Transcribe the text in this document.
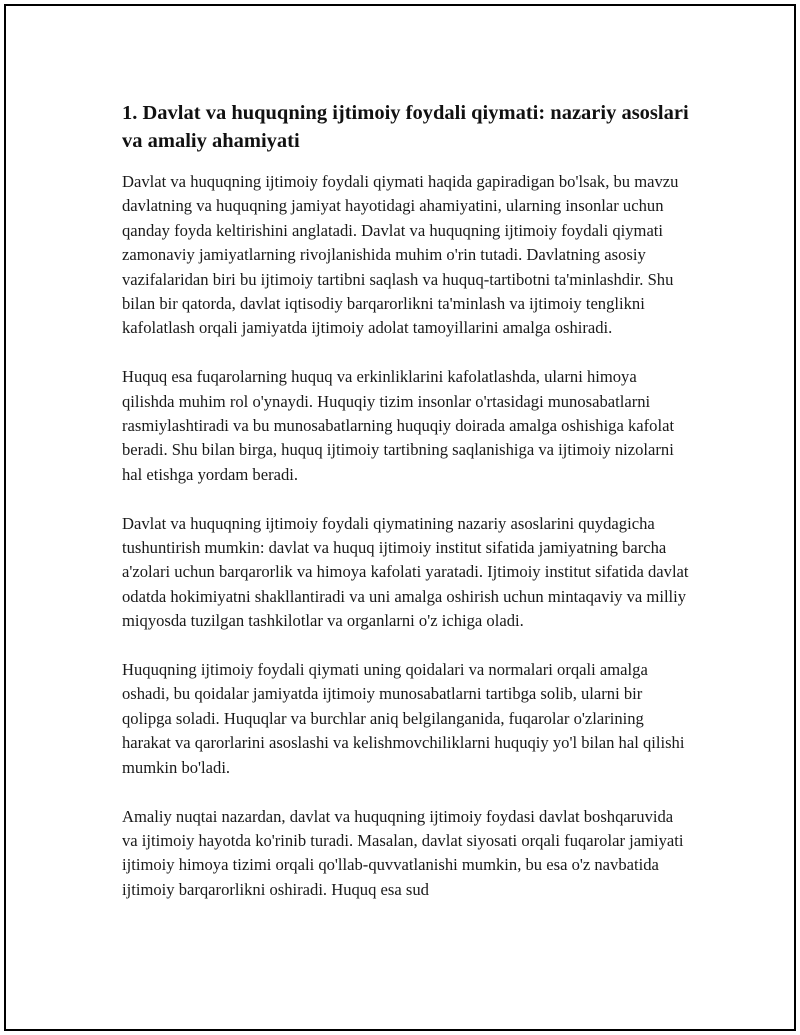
1. Davlat va huquqning ijtimoiy foydali qiymati: nazariy asoslari va amaliy ahamiyati

Davlat va huquqning ijtimoiy foydali qiymati haqida gapiradigan bo'lsak, bu mavzu davlatning va huquqning jamiyat hayotidagi ahamiyatini, ularning insonlar uchun qanday foyda keltirishini anglatadi. Davlat va huquqning ijtimoiy foydali qiymati zamonaviy jamiyatlarning rivojlanishida muhim o'rin tutadi. Davlatning asosiy vazifalaridan biri bu ijtimoiy tartibni saqlash va huquq-tartibotni ta'minlashdir. Shu bilan bir qatorda, davlat iqtisodiy barqarorlikni ta'minlash va ijtimoiy tenglikni kafolatlash orqali jamiyatda ijtimoiy adolat tamoyillarini amalga oshiradi.

Huquq esa fuqarolarning huquq va erkinliklarini kafolatlashda, ularni himoya qilishda muhim rol o'ynaydi. Huquqiy tizim insonlar o'rtasidagi munosabatlarni rasmiylashtiradi va bu munosabatlarning huquqiy doirada amalga oshishiga kafolat beradi. Shu bilan birga, huquq ijtimoiy tartibning saqlanishiga va ijtimoiy nizolarni hal etishga yordam beradi.

Davlat va huquqning ijtimoiy foydali qiymatining nazariy asoslarini quydagicha tushuntirish mumkin: davlat va huquq ijtimoiy institut sifatida jamiyatning barcha a'zolari uchun barqarorlik va himoya kafolati yaratadi. Ijtimoiy institut sifatida davlat odatda hokimiyatni shakllantiradi va uni amalga oshirish uchun mintaqaviy va milliy miqyosda tuzilgan tashkilotlar va organlarni o'z ichiga oladi.

Huquqning ijtimoiy foydali qiymati uning qoidalari va normalari orqali amalga oshadi, bu qoidalar jamiyatda ijtimoiy munosabatlarni tartibga solib, ularni bir qolipga soladi. Huquqlar va burchlar aniq belgilanganida, fuqarolar o'zlarining harakat va qarorlarini asoslashi va kelishmovchiliklarni huquqiy yo'l bilan hal qilishi mumkin bo'ladi.

Amaliy nuqtai nazardan, davlat va huquqning ijtimoiy foydasi davlat boshqaruvida va ijtimoiy hayotda ko'rinib turadi. Masalan, davlat siyosati orqali fuqarolar jamiyati ijtimoiy himoya tizimi orqali qo'llab-quvvatlanishi mumkin, bu esa o'z navbatida ijtimoiy barqarorlikni oshiradi. Huquq esa sud
